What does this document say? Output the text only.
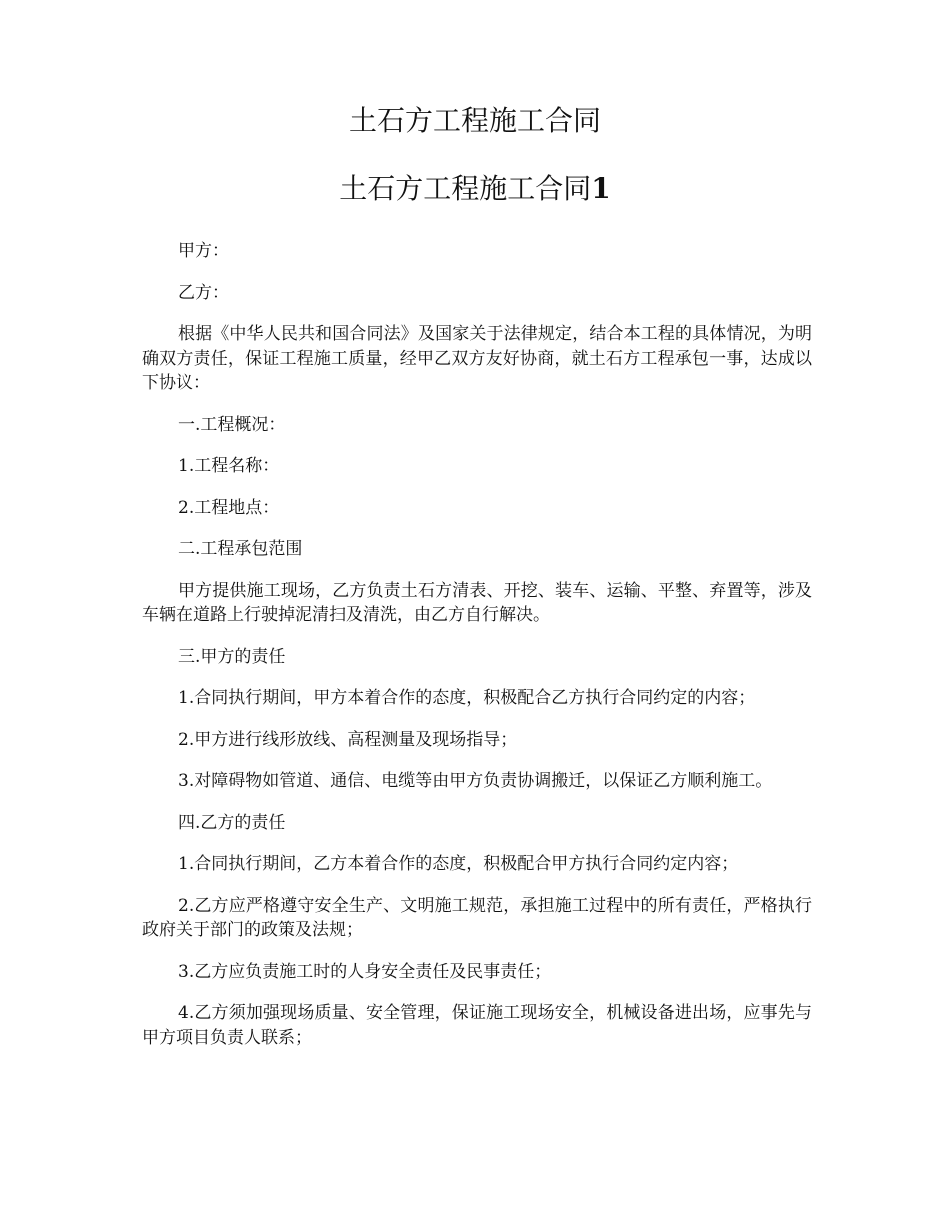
土石方工程施工合同
土石方工程施工合同1

甲方：

乙方：

根据《中华人民共和国合同法》及国家关于法律规定，结合本工程的具体情况，为明确双方责任，保证工程施工质量，经甲乙双方友好协商，就土石方工程承包一事，达成以下协议：

一.工程概况：

1.工程名称：

2.工程地点：

二.工程承包范围

甲方提供施工现场，乙方负责土石方清表、开挖、装车、运输、平整、弃置等，涉及车辆在道路上行驶掉泥清扫及清洗，由乙方自行解决。

三.甲方的责任

1.合同执行期间，甲方本着合作的态度，积极配合乙方执行合同约定的内容；

2.甲方进行线形放线、高程测量及现场指导；

3.对障碍物如管道、通信、电缆等由甲方负责协调搬迁，以保证乙方顺利施工。

四.乙方的责任

1.合同执行期间，乙方本着合作的态度，积极配合甲方执行合同约定内容；

2.乙方应严格遵守安全生产、文明施工规范，承担施工过程中的所有责任，严格执行政府关于部门的政策及法规；

3.乙方应负责施工时的人身安全责任及民事责任；

4.乙方须加强现场质量、安全管理，保证施工现场安全，机械设备进出场，应事先与甲方项目负责人联系；
